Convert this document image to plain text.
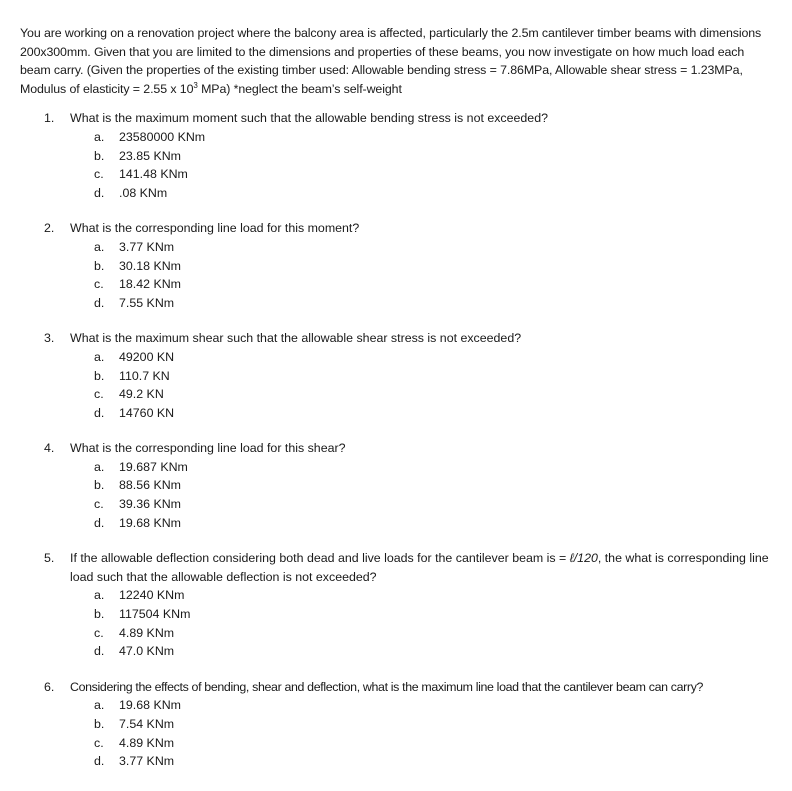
You are working on a renovation project where the balcony area is affected, particularly the 2.5m cantilever timber beams with dimensions 200x300mm. Given that you are limited to the dimensions and properties of these beams, you now investigate on how much load each beam carry. (Given the properties of the existing timber used: Allowable bending stress = 7.86MPa, Allowable shear stress = 1.23MPa, Modulus of elasticity = 2.55 x $10^3$ MPa) *neglect the beam’s self-weight

1. What is the maximum moment such that the allowable bending stress is not exceeded?
a. 23580000 KNm
b. 23.85 KNm
c. 141.48 KNm
d. .08 KNm
2. What is the corresponding line load for this moment?
a. 3.77 KNm
b. 30.18 KNm
c. 18.42 KNm
d. 7.55 KNm
3. What is the maximum shear such that the allowable shear stress is not exceeded?
a. 49200 KN
b. 110.7 KN
c. 49.2 KN
d. 14760 KN
4. What is the corresponding line load for this shear?
a. 19.687 KNm
b. 88.56 KNm
c. 39.36 KNm
d. 19.68 KNm
5. If the allowable deflection considering both dead and live loads for the cantilever beam is = ℓ/120, the what is corresponding line load such that the allowable deflection is not exceeded?
a. 12240 KNm
b. 117504 KNm
c. 4.89 KNm
d. 47.0 KNm
6. Considering the effects of bending, shear and deflection, what is the maximum line load that the cantilever beam can carry?
a. 19.68 KNm
b. 7.54 KNm
c. 4.89 KNm
d. 3.77 KNm
